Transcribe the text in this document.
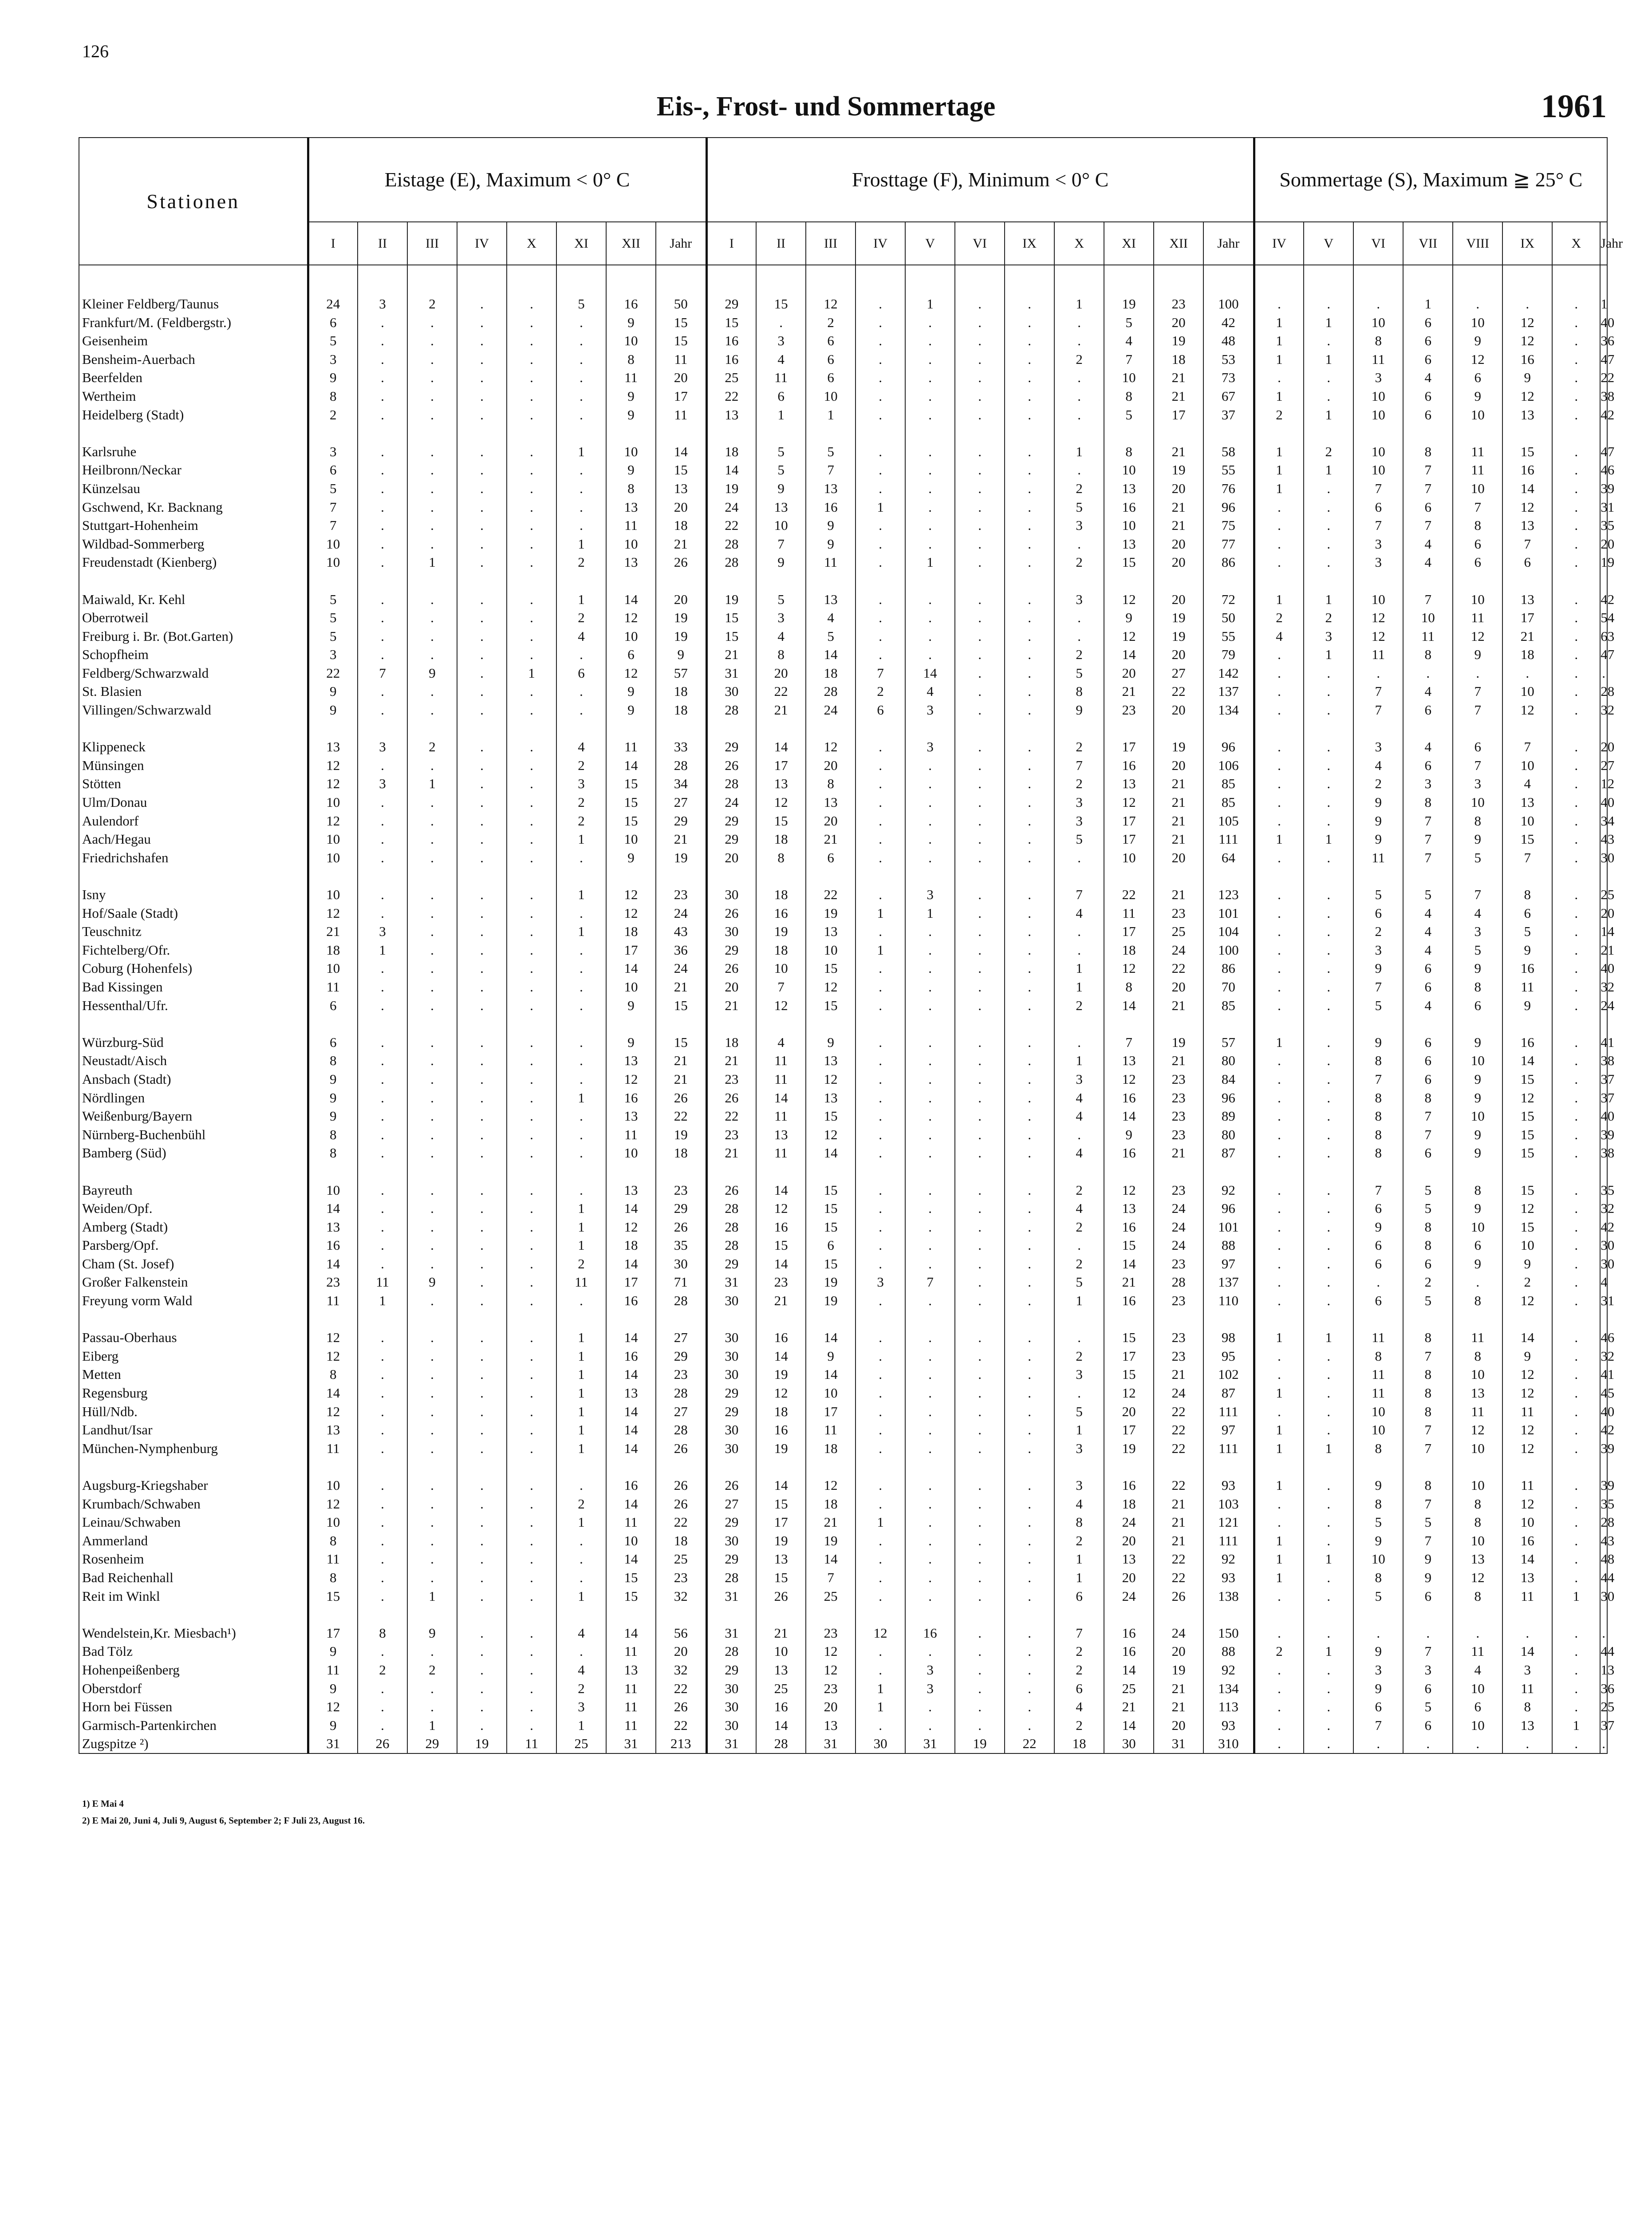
126
Eis-, Frost- und Sommertage	1961
Stationen	Eistage (E), Maximum < 0° C								Frosttage (F), Minimum < 0° C											Sommertage (S), Maximum ≧ 25° C							
	I	II	III	IV	X	XI	XII	Jahr	I	II	III	IV	V	VI	IX	X	XI	XII	Jahr	IV	V	VI	VII	VIII	IX	X	Jahr

Kleiner Feldberg/Taunus	24	3	2	.	.	5	16	50	29	15	12	.	1	.	.	1	19	23	100	.	.	.	1	.	.	.	1
Frankfurt/M. (Feldbergstr.)	6	.	.	.	.	.	9	15	15	.	2	.	.	.	.	.	5	20	42	1	1	10	6	10	12	.	40
Geisenheim	5	.	.	.	.	.	10	15	16	3	6	.	.	.	.	.	4	19	48	1	.	8	6	9	12	.	36
Bensheim-Auerbach	3	.	.	.	.	.	8	11	16	4	6	.	.	.	.	2	7	18	53	1	1	11	6	12	16	.	47
Beerfelden	9	.	.	.	.	.	11	20	25	11	6	.	.	.	.	.	10	21	73	.	.	3	4	6	9	.	22
Wertheim	8	.	.	.	.	.	9	17	22	6	10	.	.	.	.	.	8	21	67	1	.	10	6	9	12	.	38
Heidelberg (Stadt)	2	.	.	.	.	.	9	11	13	1	1	.	.	.	.	.	5	17	37	2	1	10	6	10	13	.	42

Karlsruhe	3	.	.	.	.	1	10	14	18	5	5	.	.	.	.	1	8	21	58	1	2	10	8	11	15	.	47
Heilbronn/Neckar	6	.	.	.	.	.	9	15	14	5	7	.	.	.	.	.	10	19	55	1	1	10	7	11	16	.	46
Künzelsau	5	.	.	.	.	.	8	13	19	9	13	.	.	.	.	2	13	20	76	1	.	7	7	10	14	.	39
Gschwend, Kr. Backnang	7	.	.	.	.	.	13	20	24	13	16	1	.	.	.	5	16	21	96	.	.	6	6	7	12	.	31
Stuttgart-Hohenheim	7	.	.	.	.	.	11	18	22	10	9	.	.	.	.	3	10	21	75	.	.	7	7	8	13	.	35
Wildbad-Sommerberg	10	.	.	.	.	1	10	21	28	7	9	.	.	.	.	.	13	20	77	.	.	3	4	6	7	.	20
Freudenstadt (Kienberg)	10	.	1	.	.	2	13	26	28	9	11	.	1	.	.	2	15	20	86	.	.	3	4	6	6	.	19

Maiwald, Kr. Kehl	5	.	.	.	.	1	14	20	19	5	13	.	.	.	.	3	12	20	72	1	1	10	7	10	13	.	42
Oberrotweil	5	.	.	.	.	2	12	19	15	3	4	.	.	.	.	.	9	19	50	2	2	12	10	11	17	.	54
Freiburg i. Br. (Bot.Garten)	5	.	.	.	.	4	10	19	15	4	5	.	.	.	.	.	12	19	55	4	3	12	11	12	21	.	63
Schopfheim	3	.	.	.	.	.	6	9	21	8	14	.	.	.	.	2	14	20	79	.	1	11	8	9	18	.	47
Feldberg/Schwarzwald	22	7	9	.	1	6	12	57	31	20	18	7	14	.	.	5	20	27	142	.	.	.	.	.	.	.	.
St. Blasien	9	.	.	.	.	.	9	18	30	22	28	2	4	.	.	8	21	22	137	.	.	7	4	7	10	.	28
Villingen/Schwarzwald	9	.	.	.	.	.	9	18	28	21	24	6	3	.	.	9	23	20	134	.	.	7	6	7	12	.	32

Klippeneck	13	3	2	.	.	4	11	33	29	14	12	.	3	.	.	2	17	19	96	.	.	3	4	6	7	.	20
Münsingen	12	.	.	.	.	2	14	28	26	17	20	.	.	.	.	7	16	20	106	.	.	4	6	7	10	.	27
Stötten	12	3	1	.	.	3	15	34	28	13	8	.	.	.	.	2	13	21	85	.	.	2	3	3	4	.	12
Ulm/Donau	10	.	.	.	.	2	15	27	24	12	13	.	.	.	.	3	12	21	85	.	.	9	8	10	13	.	40
Aulendorf	12	.	.	.	.	2	15	29	29	15	20	.	.	.	.	3	17	21	105	.	.	9	7	8	10	.	34
Aach/Hegau	10	.	.	.	.	1	10	21	29	18	21	.	.	.	.	5	17	21	111	1	1	9	7	9	15	.	43
Friedrichshafen	10	.	.	.	.	.	9	19	20	8	6	.	.	.	.	.	10	20	64	.	.	11	7	5	7	.	30

Isny	10	.	.	.	.	1	12	23	30	18	22	.	3	.	.	7	22	21	123	.	.	5	5	7	8	.	25
Hof/Saale (Stadt)	12	.	.	.	.	.	12	24	26	16	19	1	1	.	.	4	11	23	101	.	.	6	4	4	6	.	20
Teuschnitz	21	3	.	.	.	1	18	43	30	19	13	.	.	.	.	.	17	25	104	.	.	2	4	3	5	.	14
Fichtelberg/Ofr.	18	1	.	.	.	.	17	36	29	18	10	1	.	.	.	.	18	24	100	.	.	3	4	5	9	.	21
Coburg (Hohenfels)	10	.	.	.	.	.	14	24	26	10	15	.	.	.	.	1	12	22	86	.	.	9	6	9	16	.	40
Bad Kissingen	11	.	.	.	.	.	10	21	20	7	12	.	.	.	.	1	8	20	70	.	.	7	6	8	11	.	32
Hessenthal/Ufr.	6	.	.	.	.	.	9	15	21	12	15	.	.	.	.	2	14	21	85	.	.	5	4	6	9	.	24

Würzburg-Süd	6	.	.	.	.	.	9	15	18	4	9	.	.	.	.	.	7	19	57	1	.	9	6	9	16	.	41
Neustadt/Aisch	8	.	.	.	.	.	13	21	21	11	13	.	.	.	.	1	13	21	80	.	.	8	6	10	14	.	38
Ansbach (Stadt)	9	.	.	.	.	.	12	21	23	11	12	.	.	.	.	3	12	23	84	.	.	7	6	9	15	.	37
Nördlingen	9	.	.	.	.	1	16	26	26	14	13	.	.	.	.	4	16	23	96	.	.	8	8	9	12	.	37
Weißenburg/Bayern	9	.	.	.	.	.	13	22	22	11	15	.	.	.	.	4	14	23	89	.	.	8	7	10	15	.	40
Nürnberg-Buchenbühl	8	.	.	.	.	.	11	19	23	13	12	.	.	.	.	.	9	23	80	.	.	8	7	9	15	.	39
Bamberg (Süd)	8	.	.	.	.	.	10	18	21	11	14	.	.	.	.	4	16	21	87	.	.	8	6	9	15	.	38

Bayreuth	10	.	.	.	.	.	13	23	26	14	15	.	.	.	.	2	12	23	92	.	.	7	5	8	15	.	35
Weiden/Opf.	14	.	.	.	.	1	14	29	28	12	15	.	.	.	.	4	13	24	96	.	.	6	5	9	12	.	32
Amberg (Stadt)	13	.	.	.	.	1	12	26	28	16	15	.	.	.	.	2	16	24	101	.	.	9	8	10	15	.	42
Parsberg/Opf.	16	.	.	.	.	1	18	35	28	15	6	.	.	.	.	.	15	24	88	.	.	6	8	6	10	.	30
Cham (St. Josef)	14	.	.	.	.	2	14	30	29	14	15	.	.	.	.	2	14	23	97	.	.	6	6	9	9	.	30
Großer Falkenstein	23	11	9	.	.	11	17	71	31	23	19	3	7	.	.	5	21	28	137	.	.	.	2	.	2	.	4
Freyung vorm Wald	11	1	.	.	.	.	16	28	30	21	19	.	.	.	.	1	16	23	110	.	.	6	5	8	12	.	31

Passau-Oberhaus	12	.	.	.	.	1	14	27	30	16	14	.	.	.	.	.	15	23	98	1	1	11	8	11	14	.	46
Eiberg	12	.	.	.	.	1	16	29	30	14	9	.	.	.	.	2	17	23	95	.	.	8	7	8	9	.	32
Metten	8	.	.	.	.	1	14	23	30	19	14	.	.	.	.	3	15	21	102	.	.	11	8	10	12	.	41
Regensburg	14	.	.	.	.	1	13	28	29	12	10	.	.	.	.	.	12	24	87	1	.	11	8	13	12	.	45
Hüll/Ndb.	12	.	.	.	.	1	14	27	29	18	17	.	.	.	.	5	20	22	111	.	.	10	8	11	11	.	40
Landhut/Isar	13	.	.	.	.	1	14	28	30	16	11	.	.	.	.	1	17	22	97	1	.	10	7	12	12	.	42
München-Nymphenburg	11	.	.	.	.	1	14	26	30	19	18	.	.	.	.	3	19	22	111	1	1	8	7	10	12	.	39

Augsburg-Kriegshaber	10	.	.	.	.	.	16	26	26	14	12	.	.	.	.	3	16	22	93	1	.	9	8	10	11	.	39
Krumbach/Schwaben	12	.	.	.	.	2	14	26	27	15	18	.	.	.	.	4	18	21	103	.	.	8	7	8	12	.	35
Leinau/Schwaben	10	.	.	.	.	1	11	22	29	17	21	1	.	.	.	8	24	21	121	.	.	5	5	8	10	.	28
Ammerland	8	.	.	.	.	.	10	18	30	19	19	.	.	.	.	2	20	21	111	1	.	9	7	10	16	.	43
Rosenheim	11	.	.	.	.	.	14	25	29	13	14	.	.	.	.	1	13	22	92	1	1	10	9	13	14	.	48
Bad Reichenhall	8	.	.	.	.	.	15	23	28	15	7	.	.	.	.	1	20	22	93	1	.	8	9	12	13	.	44
Reit im Winkl	15	.	1	.	.	1	15	32	31	26	25	.	.	.	.	6	24	26	138	.	.	5	6	8	11	1	30

Wendelstein,Kr. Miesbach¹)	17	8	9	.	.	4	14	56	31	21	23	12	16	.	.	7	16	24	150	.	.	.	.	.	.	.	.
Bad Tölz	9	.	.	.	.	.	11	20	28	10	12	.	.	.	.	2	16	20	88	2	1	9	7	11	14	.	44
Hohenpeißenberg	11	2	2	.	.	4	13	32	29	13	12	.	3	.	.	2	14	19	92	.	.	3	3	4	3	.	13
Oberstdorf	9	.	.	.	.	2	11	22	30	25	23	1	3	.	.	6	25	21	134	.	.	9	6	10	11	.	36
Horn bei Füssen	12	.	.	.	.	3	11	26	30	16	20	1	.	.	.	4	21	21	113	.	.	6	5	6	8	.	25
Garmisch-Partenkirchen	9	.	1	.	.	1	11	22	30	14	13	.	.	.	.	2	14	20	93	.	.	7	6	10	13	1	37
Zugspitze ²)	31	26	29	19	11	25	31	213	31	28	31	30	31	19	22	18	30	31	310	.	.	.	.	.	.	.	.
1) E Mai 4
2) E Mai 20, Juni 4, Juli 9, August 6, September 2; F Juli 23, August 16.
